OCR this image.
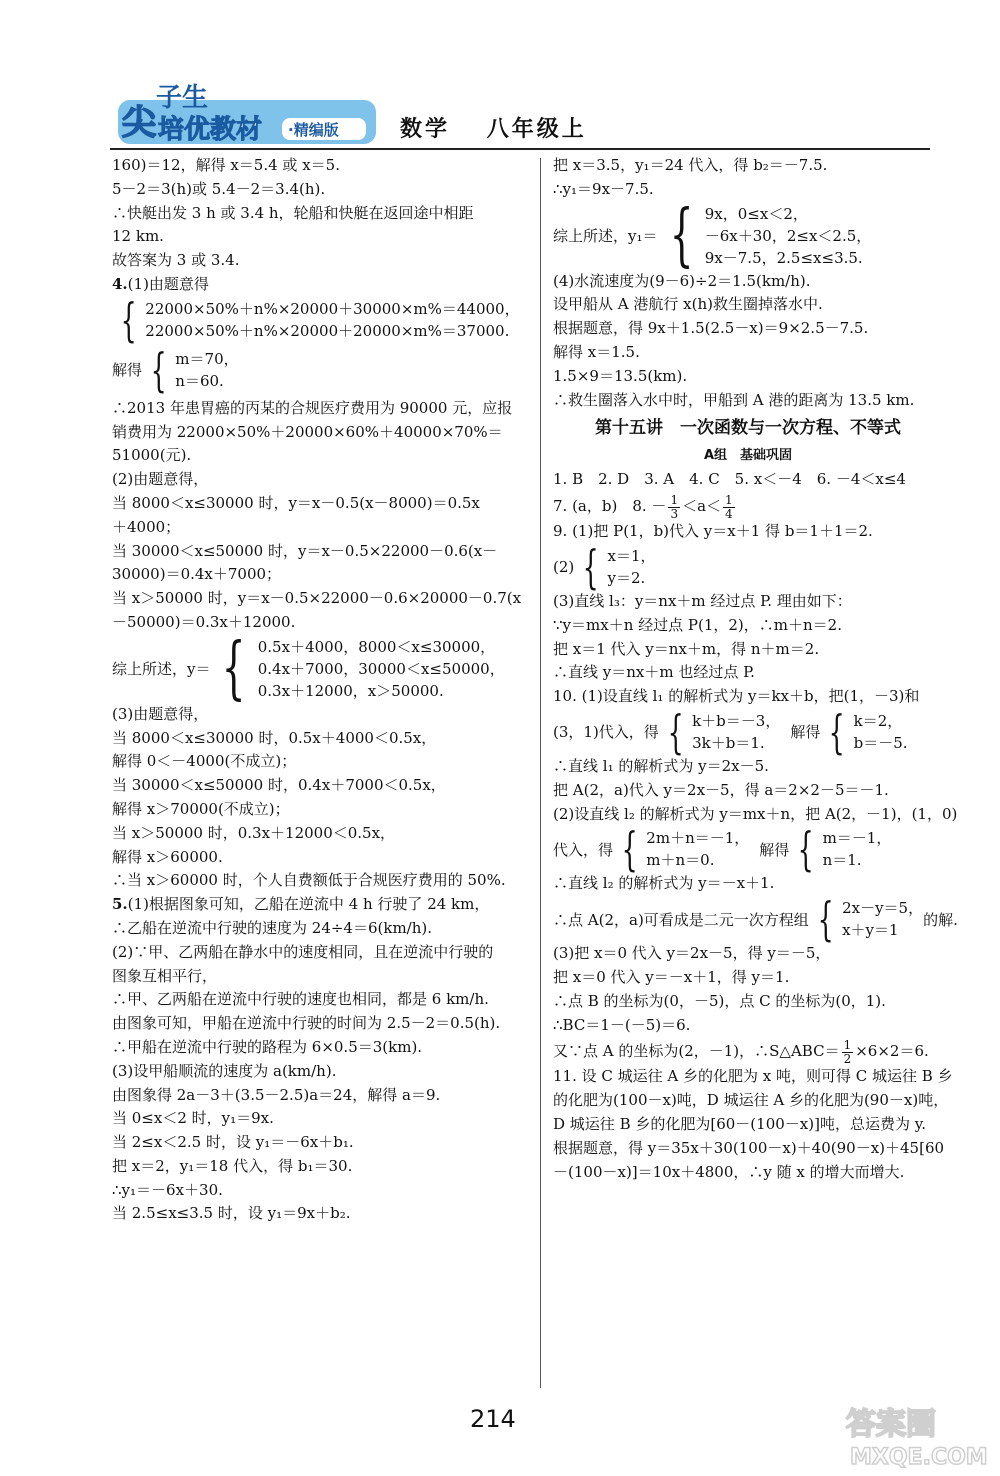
尖
子生
培优教材 ·精编版	数学 八年级上
160)＝12，解得 x＝5.4 或 x＝5.
5－2＝3(h)或 5.4－2＝3.4(h).
∴快艇出发 3 h 或 3.4 h，轮船和快艇在返回途中相距
12 km.
故答案为 3 或 3.4.
4.(1)由题意得
{ 22000×50%＋n%×20000＋30000×m%＝44000，
22000×50%＋n%×20000＋20000×m%＝37000.
解得 { m＝70，
n＝60.
∴2013 年患胃癌的丙某的合规医疗费用为 90000 元，应报
销费用为 22000×50%＋20000×60%＋40000×70%＝
51000(元).
(2)由题意得，
当 8000＜x≤30000 时，y＝x－0.5(x－8000)＝0.5x
＋4000；
当 30000＜x≤50000 时，y＝x－0.5×22000－0.6(x－
30000)＝0.4x＋7000；
当 x＞50000 时，y＝x－0.5×22000－0.6×20000－0.7(x
－50000)＝0.3x＋12000.
综上所述，y＝ { 0.5x＋4000，8000＜x≤30000，
0.4x＋7000，30000＜x≤50000，
0.3x＋12000，x＞50000.
(3)由题意得，
当 8000＜x≤30000 时，0.5x＋4000＜0.5x，
解得 0＜－4000(不成立)；
当 30000＜x≤50000 时，0.4x＋7000＜0.5x，
解得 x＞70000(不成立)；
当 x＞50000 时，0.3x＋12000＜0.5x，
解得 x＞60000.
∴当 x＞60000 时，个人自费额低于合规医疗费用的 50%.
5.(1)根据图象可知，乙船在逆流中 4 h 行驶了 24 km，
∴乙船在逆流中行驶的速度为 24÷4＝6(km/h).
(2)∵甲、乙两船在静水中的速度相同，且在逆流中行驶的
图象互相平行，
∴甲、乙两船在逆流中行驶的速度也相同，都是 6 km/h.
由图象可知，甲船在逆流中行驶的时间为 2.5－2＝0.5(h).
∴甲船在逆流中行驶的路程为 6×0.5＝3(km).
(3)设甲船顺流的速度为 a(km/h).
由图象得 2a－3＋(3.5－2.5)a＝24，解得 a＝9.
当 0≤x＜2 时，y₁＝9x.
当 2≤x＜2.5 时，设 y₁＝－6x＋b₁.
把 x＝2，y₁＝18 代入，得 b₁＝30.
∴y₁＝－6x＋30.
当 2.5≤x≤3.5 时，设 y₁＝9x＋b₂.
把 x＝3.5，y₁＝24 代入，得 b₂＝－7.5.
∴y₁＝9x－7.5.
综上所述，y₁＝ { 9x，0≤x＜2，
－6x＋30，2≤x＜2.5，
9x－7.5，2.5≤x≤3.5.
(4)水流速度为(9－6)÷2＝1.5(km/h).
设甲船从 A 港航行 x(h)救生圈掉落水中.
根据题意，得 9x＋1.5(2.5－x)＝9×2.5－7.5.
解得 x＝1.5.
1.5×9＝13.5(km).
∴救生圈落入水中时，甲船到 A 港的距离为 13.5 km.
第十五讲　一次函数与一次方程、不等式
A组　基础巩固
1. B　2. D　3. A　4. C　5. x＜－4　6. －4＜x≤4
7. (a，b)　8. － $\frac{1}{3} <a< \frac{1}{4}$
9. (1)把 P(1，b)代入 y＝x＋1 得 b＝1＋1＝2.
(2) { x＝1，
y＝2.
(3)直线 l₃：y＝nx＋m 经过点 P. 理由如下：
∵y＝mx＋n 经过点 P(1，2)，∴m＋n＝2.
把 x＝1 代入 y＝nx＋m，得 n＋m＝2.
∴直线 y＝nx＋m 也经过点 P.
10. (1)设直线 l₁ 的解析式为 y＝kx＋b，把(1，－3)和
(3，1)代入，得 { k＋b＝－3，
3k＋b＝1.
解得 { k＝2，
b＝－5.
∴直线 l₁ 的解析式为 y＝2x－5.
把 A(2，a)代入 y＝2x－5，得 a＝2×2－5＝－1.
(2)设直线 l₂ 的解析式为 y＝mx＋n，把 A(2，－1)，(1，0)
代入，得 { 2m＋n＝－1，
m＋n＝0.
解得 { m＝－1，
n＝1.
∴直线 l₂ 的解析式为 y＝－x＋1.
∴点 A(2，a)可看成是二元一次方程组 { 2x－y＝5，
x＋y＝1
的解.
(3)把 x＝0 代入 y＝2x－5，得 y＝－5，
把 x＝0 代入 y＝－x＋1，得 y＝1.
∴点 B 的坐标为(0，－5)，点 C 的坐标为(0，1).
∴BC＝1－(－5)＝6.
又∵点 A 的坐标为(2，－1)，∴S△ABC＝ $\frac{1}{2} \times 6\times 2=6$.
11. 设 C 城运往 A 乡的化肥为 x 吨，则可得 C 城运往 B 乡
的化肥为(100－x)吨，D 城运往 A 乡的化肥为(90－x)吨，
D 城运往 B 乡的化肥为[60－(100－x)]吨，总运费为 y.
根据题意，得 y＝35x＋30(100－x)＋40(90－x)＋45[60
－(100－x)]＝10x＋4800，∴y 随 x 的增大而增大.
214	答案圈
MXQE.COM
